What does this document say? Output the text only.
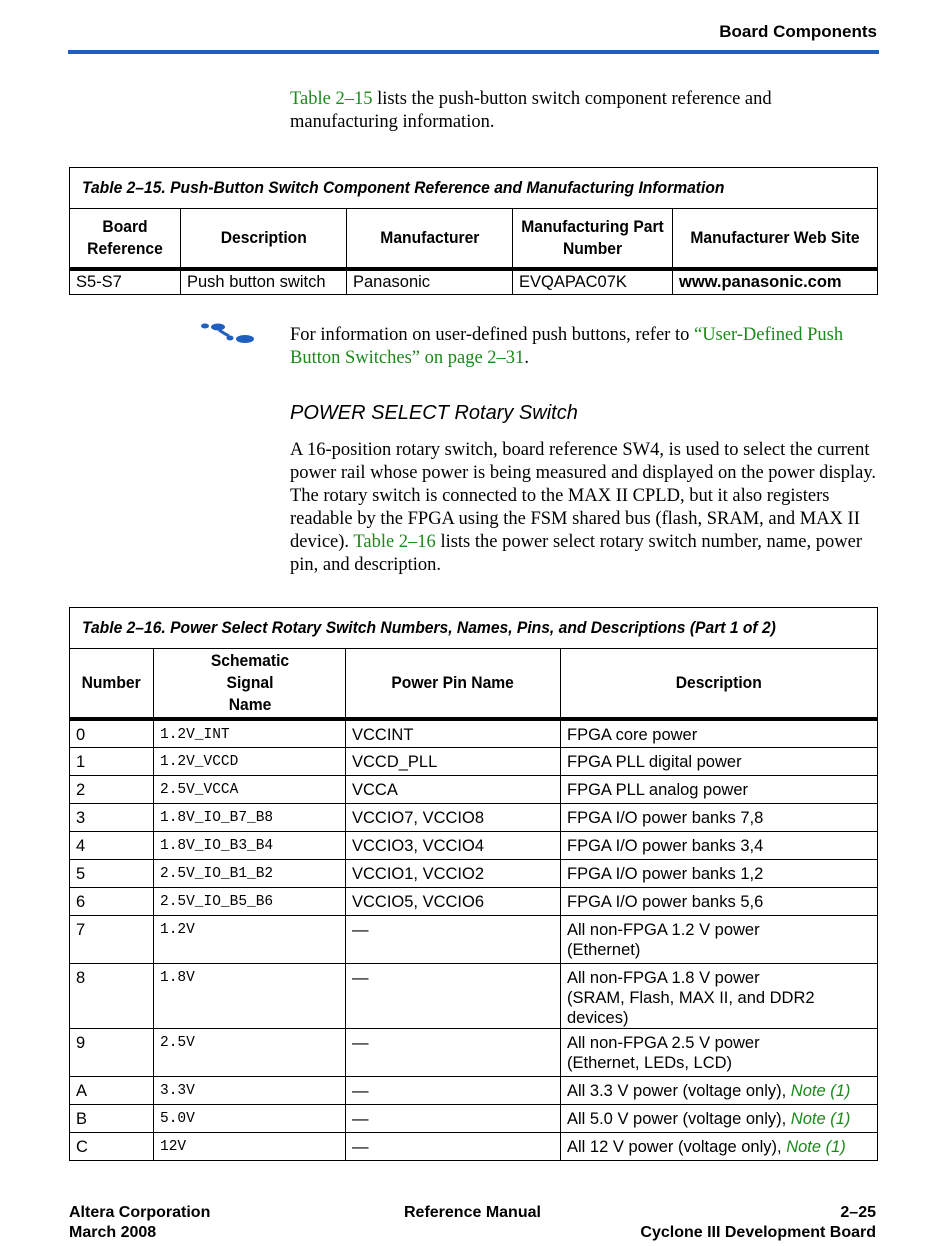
Board Components
Table 2–15 lists the push-button switch component reference and manufacturing information.
Table 2–15. Push-Button Switch Component Reference and Manufacturing Information				
Board Reference	Description	Manufacturer	Manufacturing Part Number	Manufacturer Web Site
S5-S7	Push button switch	Panasonic	EVQAPAC07K	www.panasonic.com
For information on user-defined push buttons, refer to “User-Defined Push Button Switches” on page 2–31.
POWER SELECT Rotary Switch
A 16-position rotary switch, board reference SW4, is used to select the current power rail whose power is being measured and displayed on the power display. The rotary switch is connected to the MAX II CPLD, but it also registers readable by the FPGA using the FSM shared bus (flash, SRAM, and MAX II device). Table 2–16 lists the power select rotary switch number, name, power pin, and description.
Table 2–16. Power Select Rotary Switch Numbers, Names, Pins, and Descriptions (Part 1 of 2)			
Number	Schematic Signal Name	Power Pin Name	Description
0	1.2V_INT	VCCINT	FPGA core power
1	1.2V_VCCD	VCCD_PLL	FPGA PLL digital power
2	2.5V_VCCA	VCCA	FPGA PLL analog power
3	1.8V_IO_B7_B8	VCCIO7, VCCIO8	FPGA I/O power banks 7,8
4	1.8V_IO_B3_B4	VCCIO3, VCCIO4	FPGA I/O power banks 3,4
5	2.5V_IO_B1_B2	VCCIO1, VCCIO2	FPGA I/O power banks 1,2
6	2.5V_IO_B5_B6	VCCIO5, VCCIO6	FPGA I/O power banks 5,6
7	1.2V	—	All non-FPGA 1.2 V power
(Ethernet)
8	1.8V	—	All non-FPGA 1.8 V power
(SRAM, Flash, MAX II, and DDR2 devices)
9	2.5V	—	All non-FPGA 2.5 V power
(Ethernet, LEDs, LCD)
A	3.3V	—	All 3.3 V power (voltage only), Note (1)
B	5.0V	—	All 5.0 V power (voltage only), Note (1)
C	12V	—	All 12 V power (voltage only), Note (1)
Altera Corporation
March 2008
Reference Manual	2–25
Cyclone III Development Board
